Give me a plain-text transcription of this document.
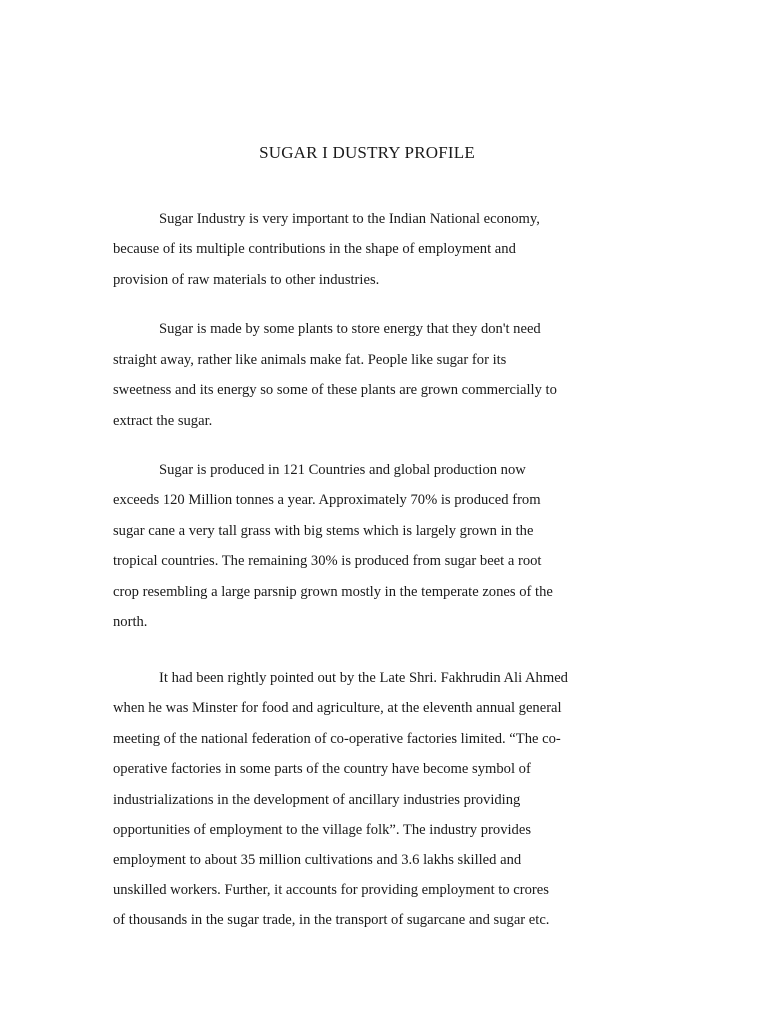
SUGAR I DUSTRY PROFILE

Sugar Industry is very important to the Indian National economy,

because of its multiple contributions in the shape of employment and

provision of raw materials to other industries.

Sugar is made by some plants to store energy that they don't need

straight away, rather like animals make fat. People like sugar for its

sweetness and its energy so some of these plants are grown commercially to

extract the sugar.

Sugar is produced in 121 Countries and global production now

exceeds 120 Million tonnes a year. Approximately 70% is produced from

sugar cane a very tall grass with big stems which is largely grown in the

tropical countries. The remaining 30% is produced from sugar beet a root

crop resembling a large parsnip grown mostly in the temperate zones of the

north.

It had been rightly pointed out by the Late Shri. Fakhrudin Ali Ahmed

when he was Minster for food and agriculture, at the eleventh annual general

meeting of the national federation of co-operative factories limited. “The co-

operative factories in some parts of the country have become symbol of

industrializations in the development of ancillary industries providing

opportunities of employment to the village folk”. The industry provides

employment to about 35 million cultivations and 3.6 lakhs skilled and

unskilled workers. Further, it accounts for providing employment to crores

of thousands in the sugar trade, in the transport of sugarcane and sugar etc.
